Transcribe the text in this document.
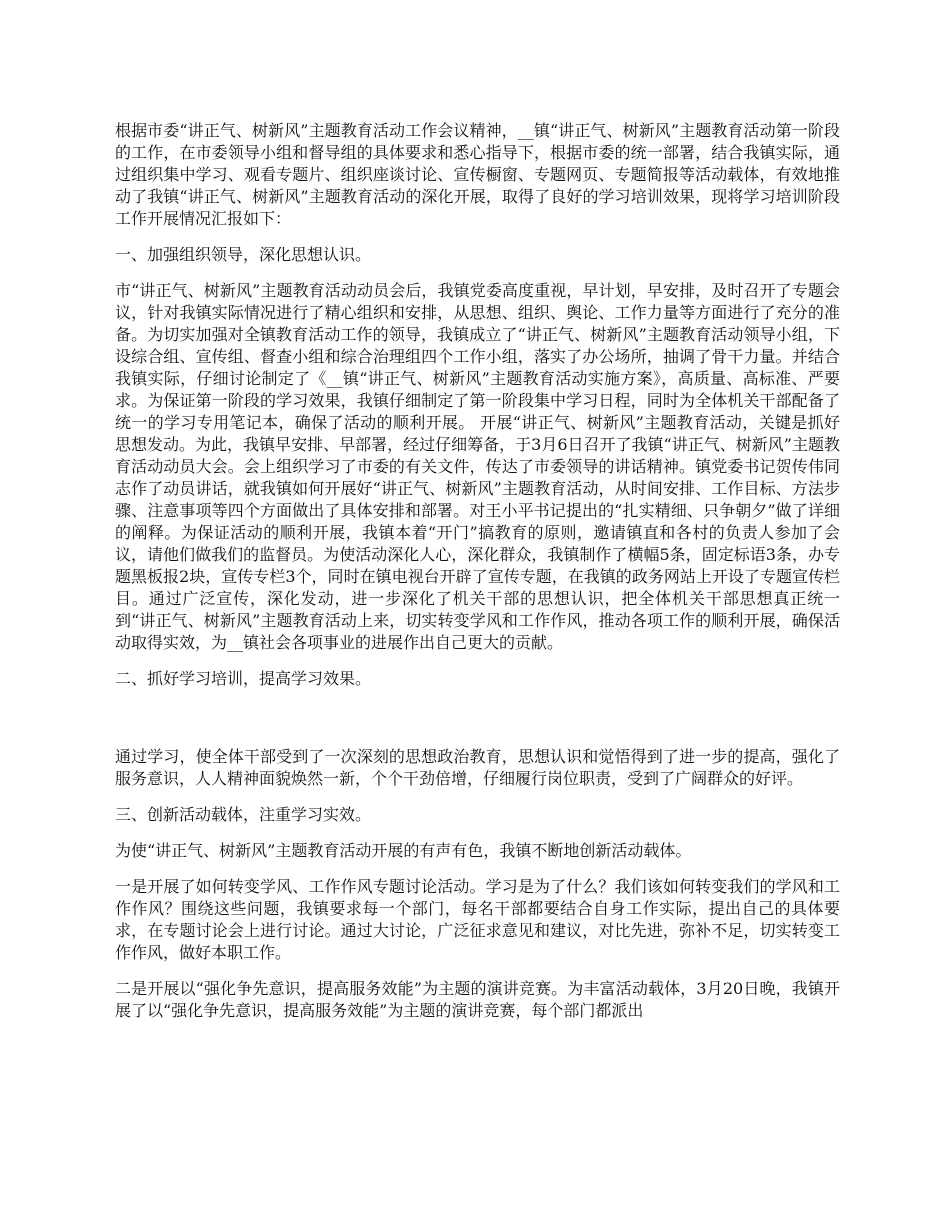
根据市委“讲正气、树新风”主题教育活动工作会议精神，__镇“讲正气、树新风”主题教育活动第一阶段的工作，在市委领导小组和督导组的具体要求和悉心指导下，根据市委的统一部署，结合我镇实际，通过组织集中学习、观看专题片、组织座谈讨论、宣传橱窗、专题网页、专题简报等活动载体，有效地推动了我镇“讲正气、树新风”主题教育活动的深化开展，取得了良好的学习培训效果，现将学习培训阶段工作开展情况汇报如下：

一、加强组织领导，深化思想认识。

市“讲正气、树新风”主题教育活动动员会后，我镇党委高度重视，早计划，早安排，及时召开了专题会议，针对我镇实际情况进行了精心组织和安排，从思想、组织、舆论、工作力量等方面进行了充分的准备。为切实加强对全镇教育活动工作的领导，我镇成立了“讲正气、树新风”主题教育活动领导小组，下设综合组、宣传组、督查小组和综合治理组四个工作小组，落实了办公场所，抽调了骨干力量。并结合我镇实际，仔细讨论制定了《__镇“讲正气、树新风”主题教育活动实施方案》，高质量、高标准、严要求。为保证第一阶段的学习效果，我镇仔细制定了第一阶段集中学习日程，同时为全体机关干部配备了统一的学习专用笔记本，确保了活动的顺利开展。 开展“讲正气、树新风”主题教育活动，关键是抓好思想发动。为此，我镇早安排、早部署，经过仔细筹备，于3月6日召开了我镇“讲正气、树新风”主题教育活动动员大会。会上组织学习了市委的有关文件，传达了市委领导的讲话精神。镇党委书记贺传伟同志作了动员讲话，就我镇如何开展好“讲正气、树新风”主题教育活动，从时间安排、工作目标、方法步骤、注意事项等四个方面做出了具体安排和部署。对王小平书记提出的“扎实精细、只争朝夕”做了详细的阐释。为保证活动的顺利开展，我镇本着“开门”搞教育的原则，邀请镇直和各村的负责人参加了会议，请他们做我们的监督员。为使活动深化人心，深化群众，我镇制作了横幅5条，固定标语3条，办专题黑板报2块，宣传专栏3个，同时在镇电视台开辟了宣传专题，在我镇的政务网站上开设了专题宣传栏目。通过广泛宣传，深化发动，进一步深化了机关干部的思想认识，把全体机关干部思想真正统一到“讲正气、树新风”主题教育活动上来，切实转变学风和工作作风，推动各项工作的顺利开展，确保活动取得实效，为__镇社会各项事业的进展作出自己更大的贡献。

二、抓好学习培训，提高学习效果。

通过学习，使全体干部受到了一次深刻的思想政治教育，思想认识和觉悟得到了进一步的提高，强化了服务意识，人人精神面貌焕然一新，个个干劲倍增，仔细履行岗位职责，受到了广阔群众的好评。

三、创新活动载体，注重学习实效。

为使“讲正气、树新风”主题教育活动开展的有声有色，我镇不断地创新活动载体。

一是开展了如何转变学风、工作作风专题讨论活动。学习是为了什么？我们该如何转变我们的学风和工作作风？围绕这些问题，我镇要求每一个部门，每名干部都要结合自身工作实际，提出自己的具体要求，在专题讨论会上进行讨论。通过大讨论，广泛征求意见和建议，对比先进，弥补不足，切实转变工作作风，做好本职工作。

二是开展以“强化争先意识，提高服务效能”为主题的演讲竞赛。为丰富活动载体，3月20日晚，我镇开展了以“强化争先意识，提高服务效能”为主题的演讲竞赛，每个部门都派出
